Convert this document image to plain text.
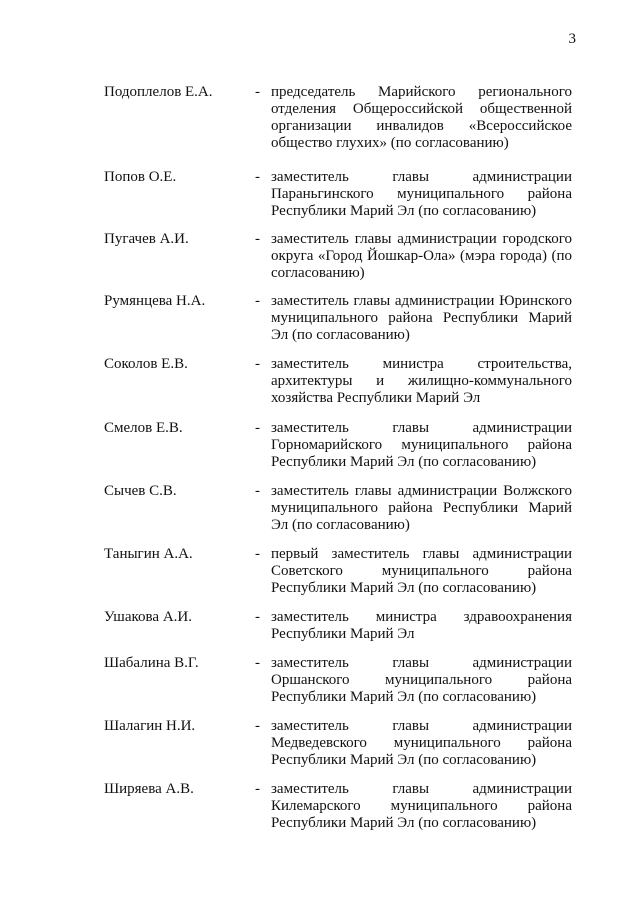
3
Подоплелов Е.А.	- председатель Марийского регионального отделения Общероссийской общественной организации инвалидов «Всероссийское общество глухих» (по согласованию)
Попов О.Е.	- заместитель главы администрации Параньгинского муниципального района Республики Марий Эл (по согласованию)
Пугачев А.И.	- заместитель главы администрации городского округа «Город Йошкар-Ола» (мэра города) (по согласованию)
Румянцева Н.А.	- заместитель главы администрации Юринского муниципального района Республики Марий Эл (по согласованию)
Соколов Е.В.	- заместитель министра строительства, архитектуры и жилищно-коммунального хозяйства Республики Марий Эл
Смелов Е.В.	- заместитель главы администрации Горномарийского муниципального района Республики Марий Эл (по согласованию)
Сычев С.В.	- заместитель главы администрации Волжского муниципального района Республики Марий Эл (по согласованию)
Таныгин А.А.	- первый заместитель главы администрации Советского муниципального района Республики Марий Эл (по согласованию)
Ушакова А.И.	- заместитель министра здравоохранения Республики Марий Эл
Шабалина В.Г.	- заместитель главы администрации Оршанского муниципального района Республики Марий Эл (по согласованию)
Шалагин Н.И.	- заместитель главы администрации Медведевского муниципального района Республики Марий Эл (по согласованию)
Ширяева А.В.	- заместитель главы администрации Килемарского муниципального района Республики Марий Эл (по согласованию)
